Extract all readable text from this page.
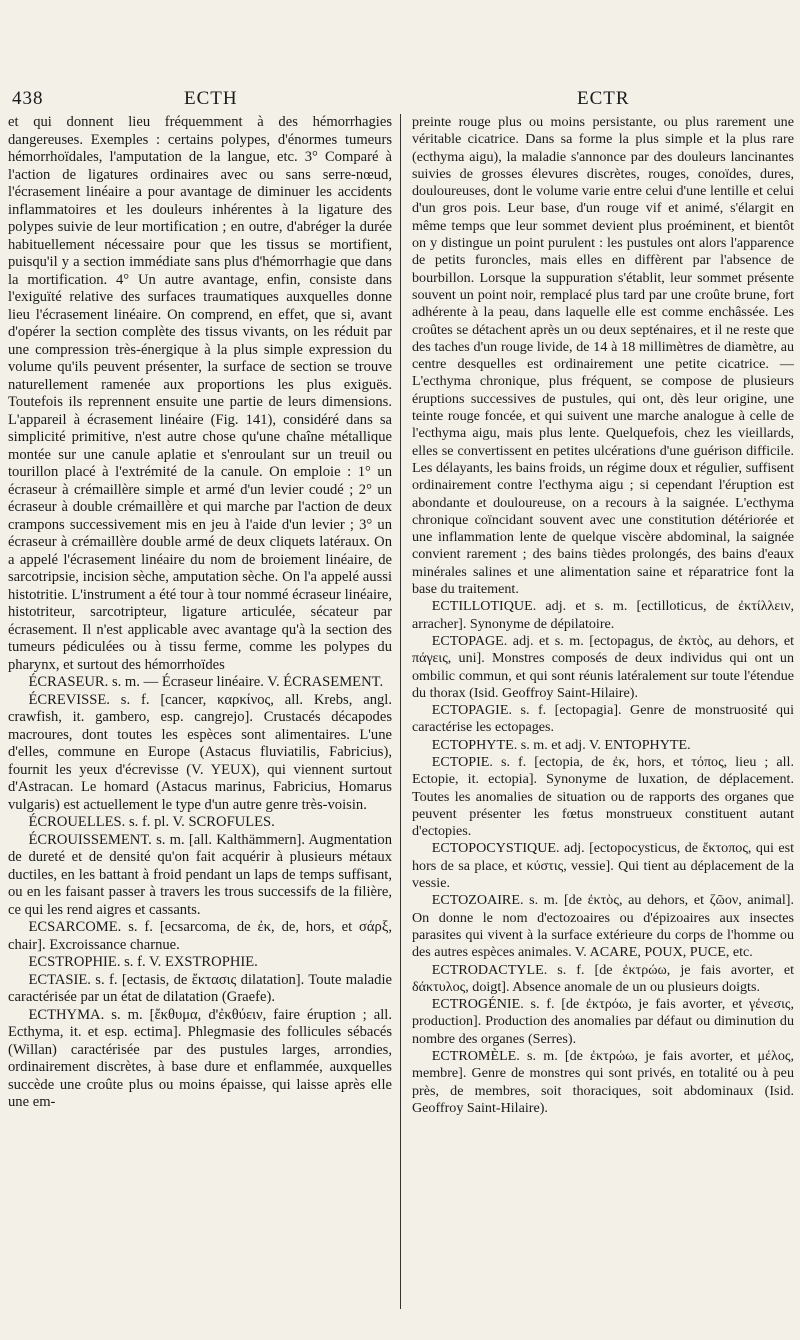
438	ECTH	ECTR

et qui donnent lieu fréquemment à des hémorrhagies dangereuses. Exemples : certains polypes, d'énormes tumeurs hémorrhoïdales, l'amputation de la langue, etc. 3° Comparé à l'action de ligatures ordinaires avec ou sans serre-nœud, l'écrasement linéaire a pour avantage de diminuer les accidents inflammatoires et les douleurs inhérentes à la ligature des polypes suivie de leur mortification ; en outre, d'abréger la durée habituellement nécessaire pour que les tissus se mortifient, puisqu'il y a section immédiate sans plus d'hémorrhagie que dans la mortification. 4° Un autre avantage, enfin, consiste dans l'exiguïté relative des surfaces traumatiques auxquelles donne lieu l'écrasement linéaire. On comprend, en effet, que si, avant d'opérer la section complète des tissus vivants, on les réduit par une compression très-énergique à la plus simple expression du volume qu'ils peuvent présenter, la surface de section se trouve naturellement ramenée aux proportions les plus exiguës. Toutefois ils reprennent ensuite une partie de leurs dimensions. L'appareil à écrasement linéaire (Fig. 141), considéré dans sa simplicité primitive, n'est autre chose qu'une chaîne métallique montée sur une canule aplatie et s'enroulant sur un treuil ou tourillon placé à l'extrémité de la canule. On emploie : 1° un écraseur à crémaillère simple et armé d'un levier coudé ; 2° un écraseur à double crémaillère et qui marche par l'action de deux crampons successivement mis en jeu à l'aide d'un levier ; 3° un écraseur à crémaillère double armé de deux cliquets latéraux. On a appelé l'écrasement linéaire du nom de broiement linéaire, de sarcotripsie, incision sèche, amputation sèche. On l'a appelé aussi histotritie. L'instrument a été tour à tour nommé écraseur linéaire, histotriteur, sarcotripteur, ligature articulée, sécateur par écrasement. Il n'est applicable avec avantage qu'à la section des tumeurs pédiculées ou à tissu ferme, comme les polypes du pharynx, et surtout des hémorrhoïdes

ÉCRASEUR. s. m. — Écraseur linéaire. V. ÉCRASEMENT.

ÉCREVISSE. s. f. [cancer, καρκίνος, all. Krebs, angl. crawfish, it. gambero, esp. cangrejo]. Crustacés décapodes macroures, dont toutes les espèces sont alimentaires. L'une d'elles, commune en Europe (Astacus fluviatilis, Fabricius), fournit les yeux d'écrevisse (V. YEUX), qui viennent surtout d'Astracan. Le homard (Astacus marinus, Fabricius, Homarus vulgaris) est actuellement le type d'un autre genre très-voisin.

ÉCROUELLES. s. f. pl. V. SCROFULES.

ÉCROUISSEMENT. s. m. [all. Kalthämmern]. Augmentation de dureté et de densité qu'on fait acquérir à plusieurs métaux ductiles, en les battant à froid pendant un laps de temps suffisant, ou en les faisant passer à travers les trous successifs de la filière, ce qui les rend aigres et cassants.

ECSARCOME. s. f. [ecsarcoma, de ἐκ, de, hors, et σάρξ, chair]. Excroissance charnue.

ECSTROPHIE. s. f. V. EXSTROPHIE.

ECTASIE. s. f. [ectasis, de ἔκτασις dilatation]. Toute maladie caractérisée par un état de dilatation (Graefe).

ECTHYMA. s. m. [ἔκθυμα, d'ἐκθύειν, faire éruption ; all. Ecthyma, it. et esp. ectima]. Phlegmasie des follicules sébacés (Willan) caractérisée par des pustules larges, arrondies, ordinairement discrètes, à base dure et enflammée, auxquelles succède une croûte plus ou moins épaisse, qui laisse après elle une em-

preinte rouge plus ou moins persistante, ou plus rarement une véritable cicatrice. Dans sa forme la plus simple et la plus rare (ecthyma aigu), la maladie s'annonce par des douleurs lancinantes suivies de grosses élevures discrètes, rouges, conoïdes, dures, douloureuses, dont le volume varie entre celui d'une lentille et celui d'un gros pois. Leur base, d'un rouge vif et animé, s'élargit en même temps que leur sommet devient plus proéminent, et bientôt on y distingue un point purulent : les pustules ont alors l'apparence de petits furoncles, mais elles en diffèrent par l'absence de bourbillon. Lorsque la suppuration s'établit, leur sommet présente souvent un point noir, remplacé plus tard par une croûte brune, fort adhérente à la peau, dans laquelle elle est comme enchâssée. Les croûtes se détachent après un ou deux septénaires, et il ne reste que des taches d'un rouge livide, de 14 à 18 millimètres de diamètre, au centre desquelles est ordinairement une petite cicatrice. — L'ecthyma chronique, plus fréquent, se compose de plusieurs éruptions successives de pustules, qui ont, dès leur origine, une teinte rouge foncée, et qui suivent une marche analogue à celle de l'ecthyma aigu, mais plus lente. Quelquefois, chez les vieillards, elles se convertissent en petites ulcérations d'une guérison difficile. Les délayants, les bains froids, un régime doux et régulier, suffisent ordinairement contre l'ecthyma aigu ; si cependant l'éruption est abondante et douloureuse, on a recours à la saignée. L'ecthyma chronique coïncidant souvent avec une constitution détériorée et une inflammation lente de quelque viscère abdominal, la saignée convient rarement ; des bains tièdes prolongés, des bains d'eaux minérales salines et une alimentation saine et réparatrice font la base du traitement.

ECTILLOTIQUE. adj. et s. m. [ectilloticus, de ἐκτίλλειν, arracher]. Synonyme de dépilatoire.

ECTOPAGE. adj. et s. m. [ectopagus, de ἐκτὸς, au dehors, et πάγεις, uni]. Monstres composés de deux individus qui ont un ombilic commun, et qui sont réunis latéralement sur toute l'étendue du thorax (Isid. Geoffroy Saint-Hilaire).

ECTOPAGIE. s. f. [ectopagia]. Genre de monstruosité qui caractérise les ectopages.

ECTOPHYTE. s. m. et adj. V. ENTOPHYTE.

ECTOPIE. s. f. [ectopia, de ἐκ, hors, et τόπος, lieu ; all. Ectopie, it. ectopia]. Synonyme de luxation, de déplacement. Toutes les anomalies de situation ou de rapports des organes que peuvent présenter les fœtus monstrueux constituent autant d'ectopies.

ECTOPOCYSTIQUE. adj. [ectopocysticus, de ἔκτοπος, qui est hors de sa place, et κύστις, vessie]. Qui tient au déplacement de la vessie.

ECTOZOAIRE. s. m. [de ἐκτὸς, au dehors, et ζῶον, animal]. On donne le nom d'ectozoaires ou d'épizoaires aux insectes parasites qui vivent à la surface extérieure du corps de l'homme ou des autres espèces animales. V. ACARE, POUX, PUCE, etc.

ECTRODACTYLE. s. f. [de ἐκτρώω, je fais avorter, et δάκτυλος, doigt]. Absence anomale de un ou plusieurs doigts.

ECTROGÉNIE. s. f. [de ἐκτρόω, je fais avorter, et γένεσις, production]. Production des anomalies par défaut ou diminution du nombre des organes (Serres).

ECTROMÈLE. s. m. [de ἐκτρώω, je fais avorter, et μέλος, membre]. Genre de monstres qui sont privés, en totalité ou à peu près, de membres, soit thoraciques, soit abdominaux (Isid. Geoffroy Saint-Hilaire).
